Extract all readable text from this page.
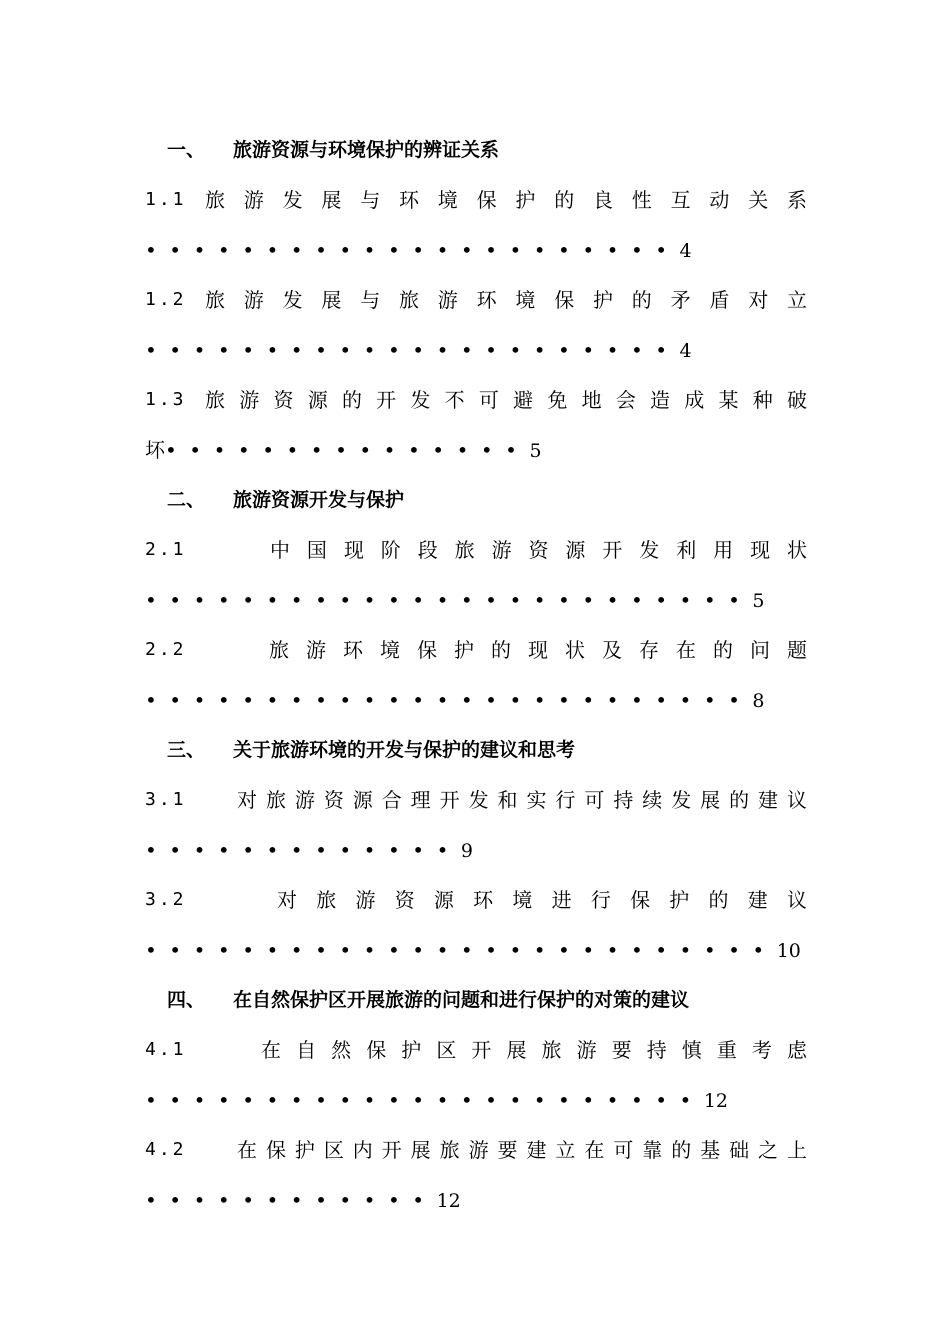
一、 旅游资源与环境保护的辨证关系
1.1 旅游发展与环境保护的良性互动关系
••••••••••••••••••••••4
1.2 旅游发展与旅游环境保护的矛盾对立
••••••••••••••••••••••4
1.3 旅游资源的开发不可避免地会造成某种破
坏•••••••••••••••5
二、 旅游资源开发与保护
2.1	中国现阶段旅游资源开发利用现状
•••••••••••••••••••••••••5
2.2	旅游环境保护的现状及存在的问题
•••••••••••••••••••••••••8
三、 关于旅游环境的开发与保护的建议和思考
3.1	对旅游资源合理开发和实行可持续发展的建议
•••••••••••••9
3.2	对旅游资源环境进行保护的建议
••••••••••••••••••••••••••10
四、 在自然保护区开展旅游的问题和进行保护的对策的建议
4.1	在自然保护区开展旅游要持慎重考虑
•••••••••••••••••••••••12
4.2	在保护区内开展旅游要建立在可靠的基础之上
••••••••••••12
